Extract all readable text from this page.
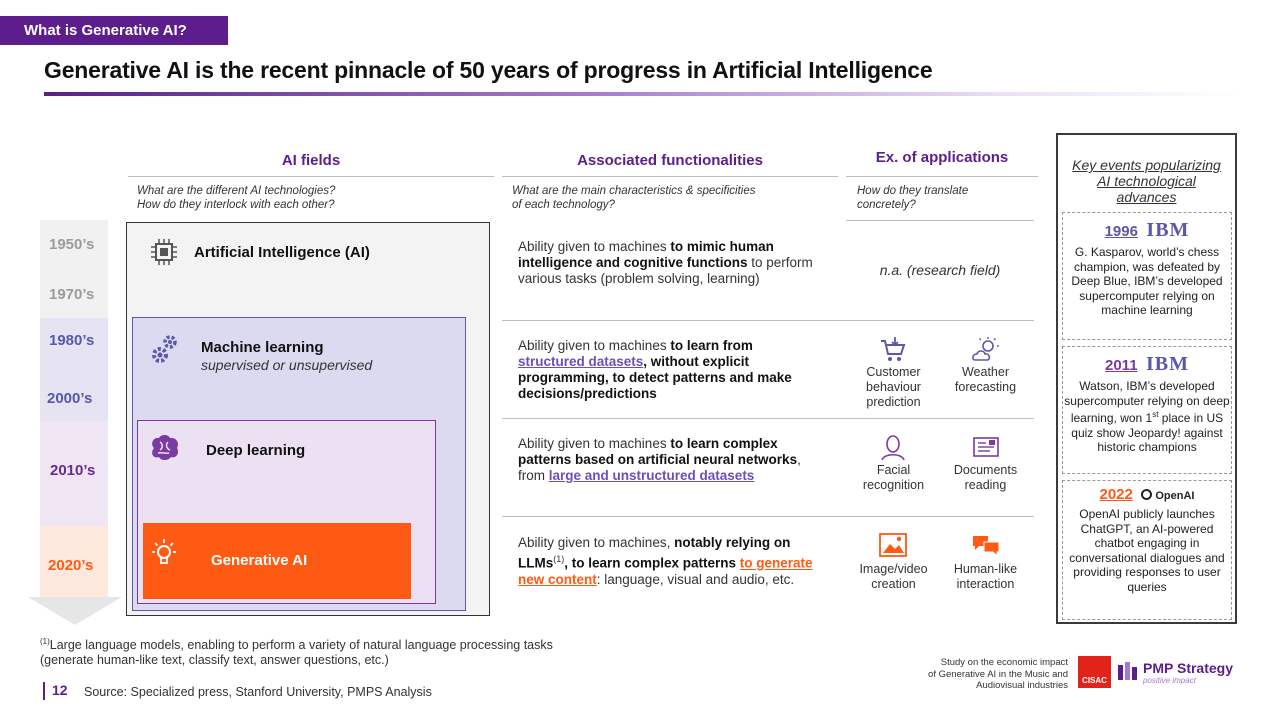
What is Generative AI?
Generative AI is the recent pinnacle of 50 years of progress in Artificial Intelligence
AI fields
What are the different AI technologies?
How do they interlock with each other?
Associated functionalities
What are the main characteristics & specificities
of each technology?
Ex. of applications
How do they translate
concretely?
1950’s
1970’s
1980’s
2000’s
2010’s
2020’s
Artificial Intelligence (AI)
Machine learning
supervised or unsupervised
Deep learning
Generative AI
Ability given to machines to mimic human intelligence and cognitive functions to perform various tasks (problem solving, learning)
Ability given to machines to learn from structured datasets, without explicit programming, to detect patterns and make decisions/predictions
Ability given to machines to learn complex patterns based on artificial neural networks, from large and unstructured datasets
Ability given to machines, notably relying on LLMs$^{(1)}$, to learn complex patterns to generate new content: language, visual and audio, etc.
n.a. (research field)
Customer behaviour prediction
Weather forecasting
Facial recognition
Documents reading
Image/video creation
Human-like interaction
Key events popularizing AI technological advances
1996 IBM
G. Kasparov, world’s chess champion, was defeated by Deep Blue, IBM’s developed supercomputer relying on machine learning
2011 IBM
Watson, IBM’s developed supercomputer relying on deep learning, won 1st place in US quiz show Jeopardy! against historic champions
2022 OpenAI
OpenAI publicly launches ChatGPT, an AI-powered chatbot engaging in conversational dialogues and providing responses to user queries
$^{(1)}$Large language models, enabling to perform a variety of natural language processing tasks (generate human-like text, classify text, answer questions, etc.)
12 Source: Specialized press, Stanford University, PMPS Analysis
Study on the economic impact
of Generative AI in the Music and
Audiovisual industries CISAC
PMP Strategy
positive impact
